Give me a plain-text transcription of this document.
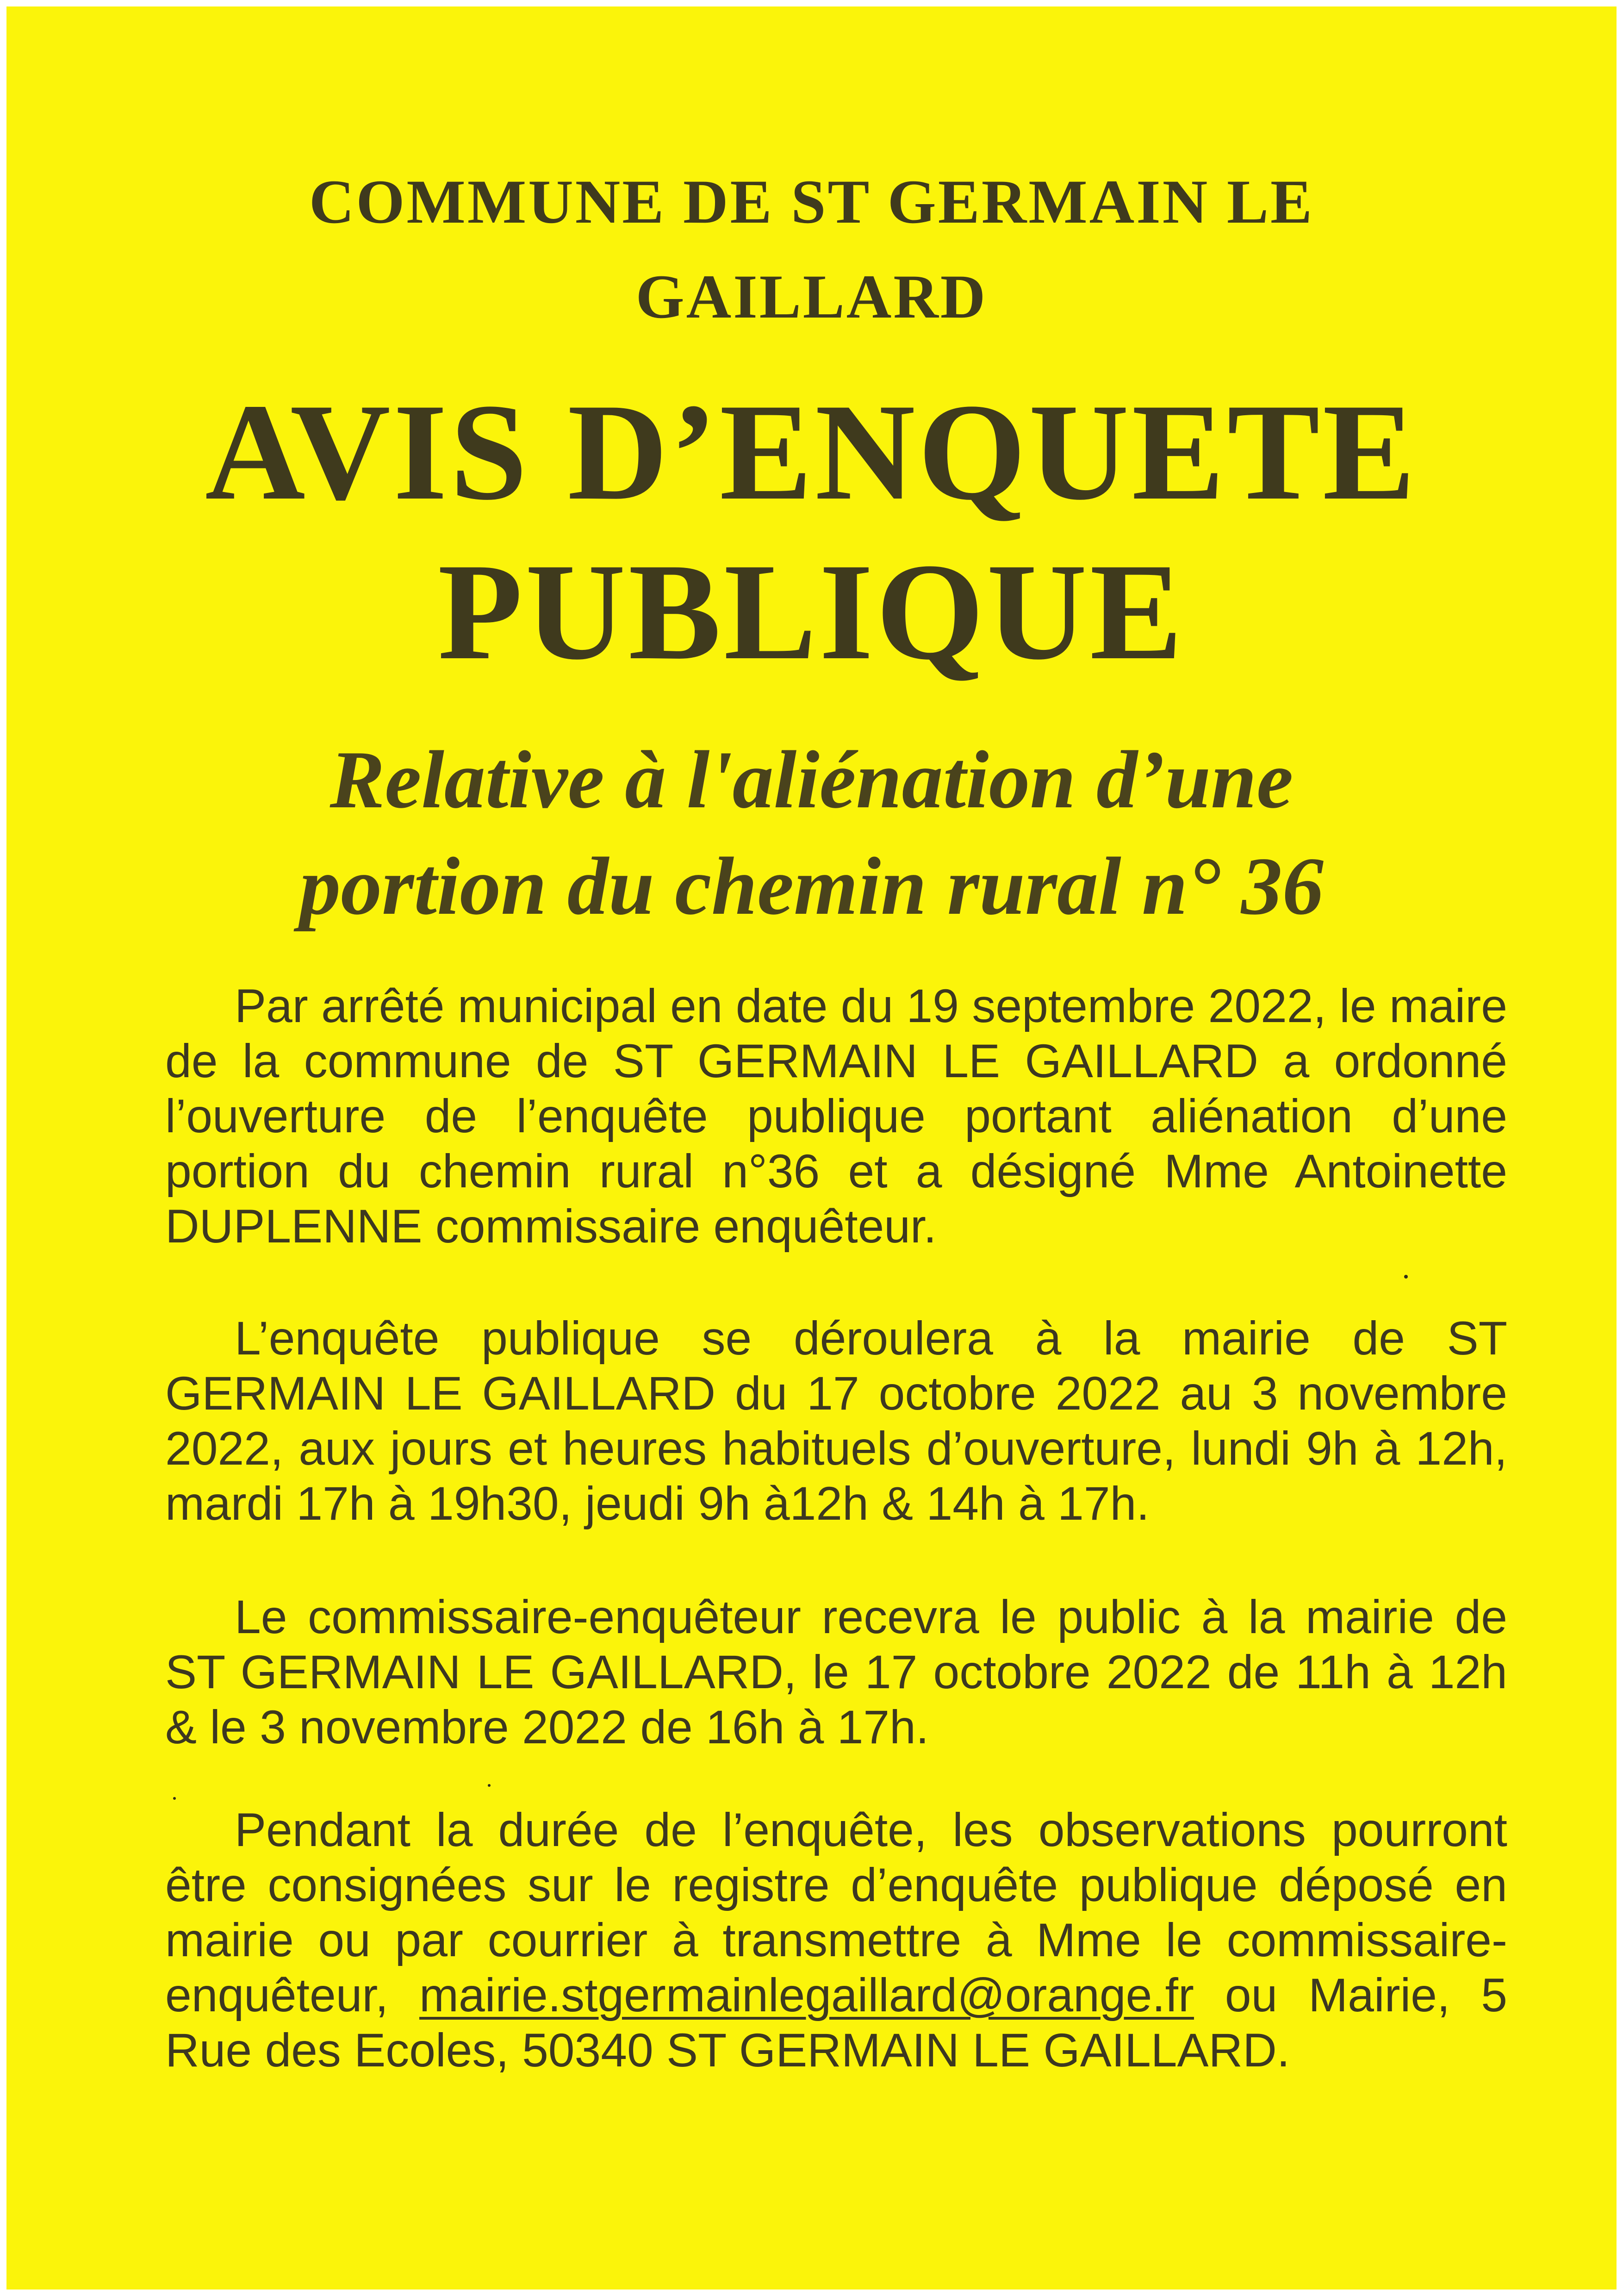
COMMUNE DE ST GERMAIN LE
GAILLARD
AVIS D’ENQUETE
PUBLIQUE
Relative à l'aliénation d’une
portion du chemin rural n° 36

Par arrêté municipal en date du 19 septembre 2022, le maire de la commune de ST GERMAIN LE GAILLARD a ordonné l’ouverture de l’enquête publique portant aliénation d’une portion du chemin rural n°36 et a désigné Mme Antoinette DUPLENNE commissaire enquêteur.

L’enquête publique se déroulera à la mairie de ST GERMAIN LE GAILLARD du 17 octobre 2022 au 3 novembre 2022, aux jours et heures habituels d’ouverture, lundi 9h à 12h, mardi 17h à 19h30, jeudi 9h à12h & 14h à 17h.

Le commissaire-enquêteur recevra le public à la mairie de ST GERMAIN LE GAILLARD, le 17 octobre 2022 de 11h à 12h & le 3 novembre 2022 de 16h à 17h.

Pendant la durée de l’enquête, les observations pourront être consignées sur le registre d’enquête publique déposé en mairie ou par courrier à transmettre à Mme le commissaire-enquêteur, mairie.stgermainlegaillard@orange.fr ou Mairie, 5 Rue des Ecoles, 50340 ST GERMAIN LE GAILLARD.
